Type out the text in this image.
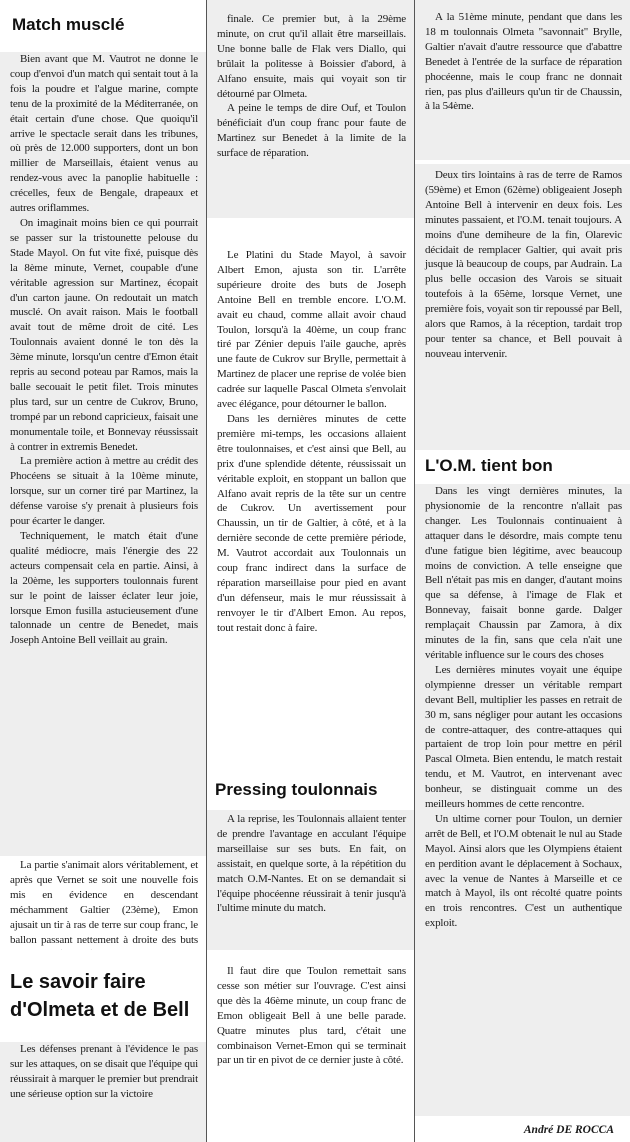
Match musclé

Bien avant que M. Vautrot ne donne le coup d'envoi d'un match qui sentait tout à la fois la poudre et l'algue marine, compte tenu de la proximité de la Méditerranée, on était certain d'une chose. Que quoiqu'il arrive le spectacle serait dans les tribunes, où près de 12.000 supporters, dont un bon millier de Marseillais, étaient venus au rendez-vous avec la panoplie habituelle : crécelles, feux de Bengale, drapeaux et autres oriflammes.

On imaginait moins bien ce qui pourrait se passer sur la tristounette pelouse du Stade Mayol. On fut vite fixé, puisque dès la 8ème minute, Vernet, coupable d'une véritable agression sur Martinez, écopait d'un carton jaune. On redoutait un match musclé. On avait raison. Mais le football avait tout de même droit de cité. Les Toulonnais avaient donné le ton dès la 3ème minute, lorsqu'un centre d'Emon était repris au second poteau par Ramos, mais la balle secouait le petit filet. Trois minutes plus tard, sur un centre de Cukrov, Bruno, trompé par un rebond capricieux, faisait une monumentale toile, et Bonnevay réussissait à contrer in extremis Benedet.

La première action à mettre au crédit des Phocéens se situait à la 10ème minute, lorsque, sur un corner tiré par Martinez, la défense varoise s'y prenait à plusieurs fois pour écarter le danger.

Techniquement, le match était d'une qualité médiocre, mais l'énergie des 22 acteurs compensait cela en partie. Ainsi, à la 20ème, les supporters toulonnais furent sur le point de laisser éclater leur joie, lorsque Emon fusilla astucieusement d'une talonnade un centre de Benedet, mais Joseph Antoine Bell veillait au grain.

La partie s'animait alors véritablement, et après que Vernet se soit une nouvelle fois mis en évidence en descendant méchamment Galtier (23ème), Emon ajusait un tir à ras de terre sur coup franc, le ballon passant nettement à droite des buts

Le savoir faire d'Olmeta et de Bell

Les défenses prenant à l'évidence le pas sur les attaques, on se disait que l'équipe qui réussirait à marquer le premier but prendrait une sérieuse option sur la victoire

finale. Ce premier but, à la 29ème minute, on crut qu'il allait être marseillais. Une bonne balle de Flak vers Diallo, qui brûlait la politesse à Boissier d'abord, à Alfano ensuite, mais qui voyait son tir détourné par Olmeta.

A peine le temps de dire Ouf, et Toulon bénéficiait d'un coup franc pour faute de Martinez sur Benedet à la limite de la surface de réparation.

Le Platini du Stade Mayol, à savoir Albert Emon, ajusta son tir. L'arrête supérieure droite des buts de Joseph Antoine Bell en tremble encore. L'O.M. avait eu chaud, comme allait avoir chaud Toulon, lorsqu'à la 40ème, un coup franc tiré par Zénier depuis l'aile gauche, après une faute de Cukrov sur Brylle, permettait à Martinez de placer une reprise de volée bien cadrée sur laquelle Pascal Olmeta s'envolait avec élégance, pour détourner le ballon.

Dans les dernières minutes de cette première mi-temps, les occasions allaient être toulonnaises, et c'est ainsi que Bell, au prix d'une splendide détente, réussissait un véritable exploit, en stoppant un ballon que Alfano avait repris de la tête sur un centre de Cukrov. Un avertissement pour Chaussin, un tir de Galtier, à côté, et à la dernière seconde de cette première période, M. Vautrot accordait aux Toulonnais un coup franc indirect dans la surface de réparation marseillaise pour pied en avant d'un défenseur, mais le mur réussissait à renvoyer le tir d'Albert Emon. Au repos, tout restait donc à faire.

Pressing toulonnais

A la reprise, les Toulonnais allaient tenter de prendre l'avantage en acculant l'équipe marseillaise sur ses buts. En fait, on assistait, en quelque sorte, à la répétition du match O.M-Nantes. Et on se demandait si l'équipe phocéenne réussirait à tenir jusqu'à l'ultime minute du match.

Il faut dire que Toulon remettait sans cesse son métier sur l'ouvrage. C'est ainsi que dès la 46ème minute, un coup franc de Emon obligeait Bell à une belle parade. Quatre minutes plus tard, c'était une combinaison Vernet-Emon qui se terminait par un tir en pivot de ce dernier juste à côté.

A la 51ème minute, pendant que dans les 18 m toulonnais Olmeta "savonnait" Brylle, Galtier n'avait d'autre ressource que d'abattre Benedet à l'entrée de la surface de réparation phocéenne, mais le coup franc ne donnait rien, pas plus d'ailleurs qu'un tir de Chaussin, à la 54ème.

Deux tirs lointains à ras de terre de Ramos (59ème) et Emon (62ème) obligeaient Joseph Antoine Bell à intervenir en deux fois. Les minutes passaient, et l'O.M. tenait toujours. A moins d'une demiheure de la fin, Olarevic décidait de remplacer Galtier, qui avait pris jusque là beaucoup de coups, par Audrain. La plus belle occasion des Varois se situait toutefois à la 65ème, lorsque Vernet, une première fois, voyait son tir repoussé par Bell, alors que Ramos, à la réception, tardait trop pour tenter sa chance, et Bell pouvait à nouveau intervenir.

L'O.M. tient bon

Dans les vingt dernières minutes, la physionomie de la rencontre n'allait pas changer. Les Toulonnais continuaient à attaquer dans le désordre, mais compte tenu d'une fatigue bien légitime, avec beaucoup moins de conviction. A telle enseigne que Bell n'était pas mis en danger, d'autant moins que sa défense, à l'image de Flak et Bonnevay, faisait bonne garde. Dalger remplaçait Chaussin par Zamora, à dix minutes de la fin, sans que cela n'ait une véritable influence sur le cours des choses

Les dernières minutes voyait une équipe olympienne dresser un véritable rempart devant Bell, multiplier les passes en retrait de 30 m, sans négliger pour autant les occasions de contre-attaquer, des contre-attaques qui partaient de trop loin pour mettre en péril Pascal Olmeta. Bien entendu, le match restait tendu, et M. Vautrot, en intervenant avec bonheur, se distinguait comme un des meilleurs hommes de cette rencontre.

Un ultime corner pour Toulon, un dernier arrêt de Bell, et l'O.M obtenait le nul au Stade Mayol. Ainsi alors que les Olympiens étaient en perdition avant le déplacement à Sochaux, avec la venue de Nantes à Marseille et ce match à Mayol, ils ont récolté quatre points en trois rencontres. C'est un authentique exploit.

André DE ROCCA
